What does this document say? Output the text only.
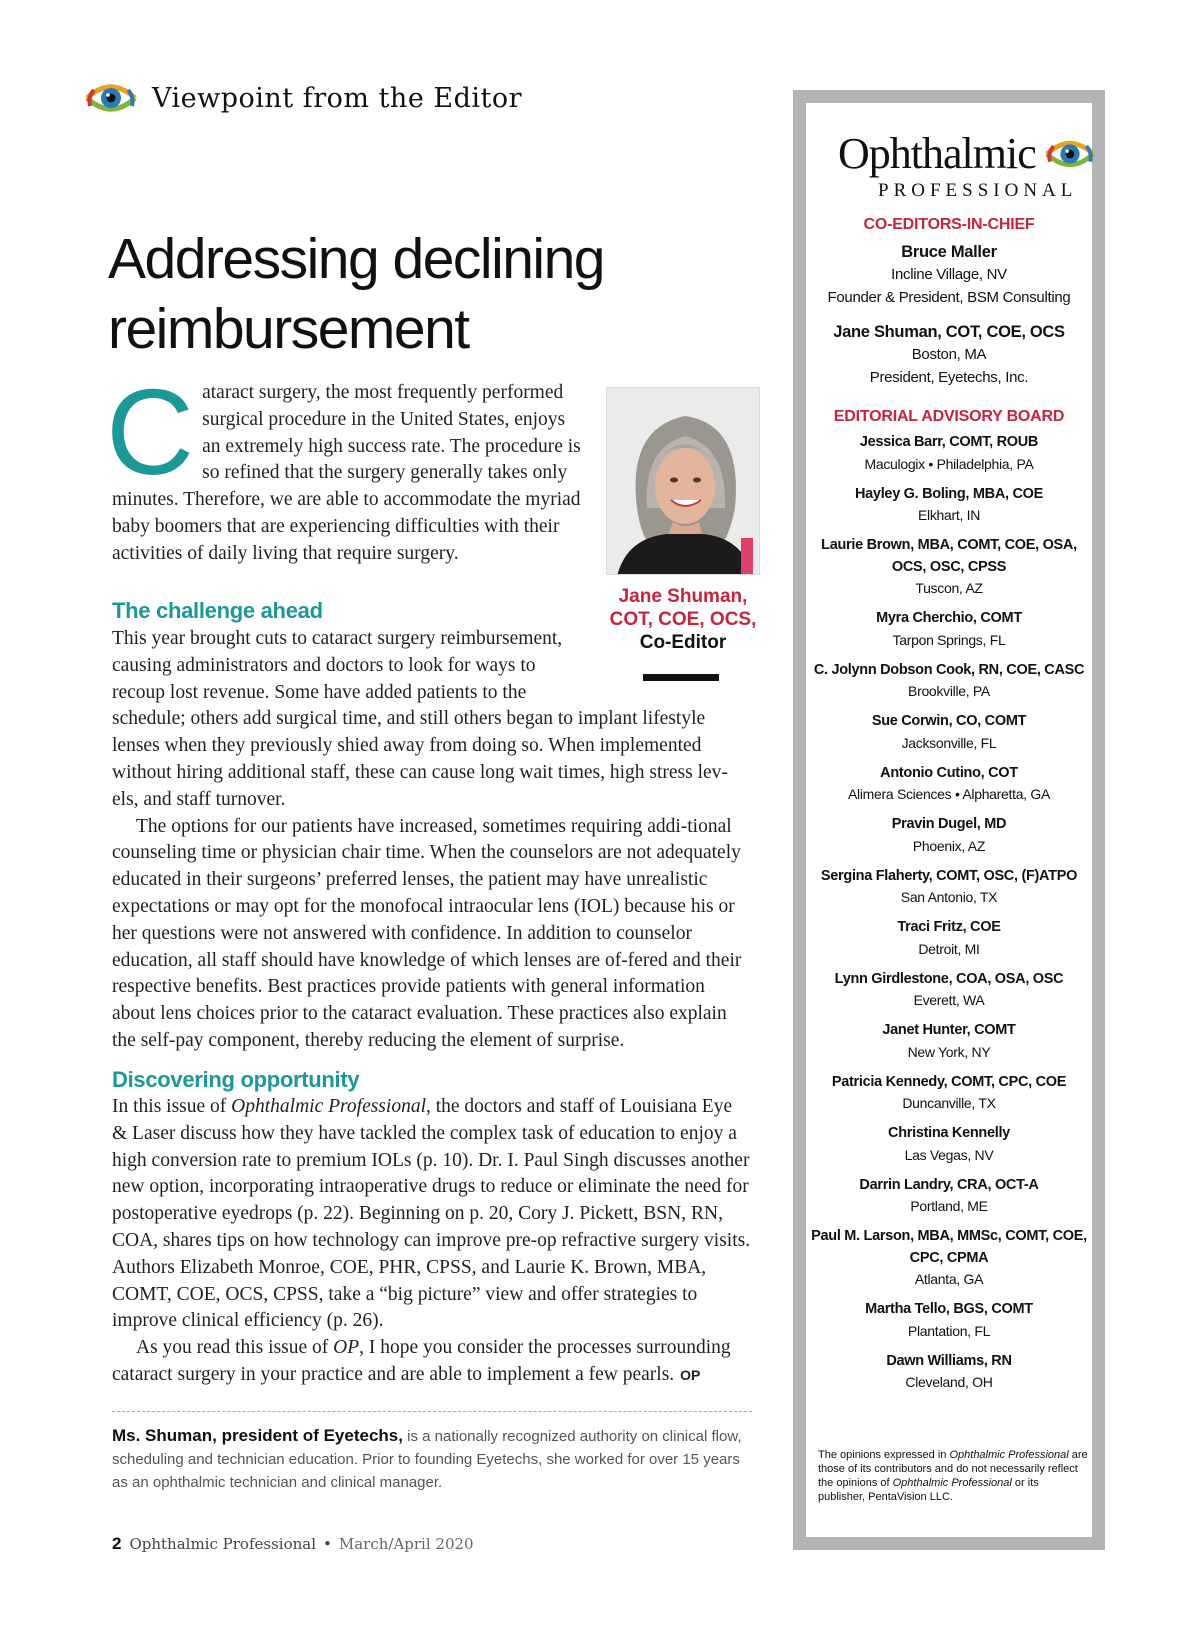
Viewpoint from the Editor
Addressing declining
reimbursement
C ataract surgery, the most frequently performed surgical procedure in the United States, enjoys an extremely high success rate. The procedure is so refined that the surgery generally takes only minutes. Therefore, we are able to accommodate the myriad baby boomers that are experiencing difficulties with their activities of daily living that require surgery.
Jane Shuman,
COT, COE, OCS,
Co-Editor
The challenge ahead

This year brought cuts to cataract surgery reimbursement, causing administrators and doctors to look for ways to recoup lost revenue. Some have added patients to the schedule; others add surgical time, and still others began to implant lifestyle lenses when they previously shied away from doing so. When implemented without hiring additional staff, these can cause long wait times, high stress lev-els, and staff turnover.

The options for our patients have increased, sometimes requiring addi-tional counseling time or physician chair time. When the counselors are not adequately educated in their surgeons’ preferred lenses, the patient may have unrealistic expectations or may opt for the monofocal intraocular lens (IOL) because his or her questions were not answered with confidence. In addition to counselor education, all staff should have knowledge of which lenses are of-fered and their respective benefits. Best practices provide patients with general information about lens choices prior to the cataract evaluation. These practices also explain the self-pay component, thereby reducing the element of surprise.

Discovering opportunity

In this issue of Ophthalmic Professional, the doctors and staff of Louisiana Eye & Laser discuss how they have tackled the complex task of education to enjoy a high conversion rate to premium IOLs (p. 10). Dr. I. Paul Singh discusses another new option, incorporating intraoperative drugs to reduce or eliminate the need for postoperative eyedrops (p. 22). Beginning on p. 20, Cory J. Pickett, BSN, RN, COA, shares tips on how technology can improve pre-op refractive surgery visits. Authors Elizabeth Monroe, COE, PHR, CPSS, and Laurie K. Brown, MBA, COMT, COE, OCS, CPSS, take a “big picture” view and offer strategies to improve clinical efficiency (p. 26).

As you read this issue of OP, I hope you consider the processes surrounding cataract surgery in your practice and are able to implement a few pearls. OP

Ms. Shuman, president of Eyetechs, is a nationally recognized authority on clinical flow, scheduling and technician education. Prior to founding Eyetechs, she worked for over 15 years as an ophthalmic technician and clinical manager.
2 Ophthalmic Professional • March/April 2020
Ophthalmic
PROFESSIONAL
CO-EDITORS-IN-CHIEF
Bruce Maller
Incline Village, NV
Founder & President, BSM Consulting
Jane Shuman, COT, COE, OCS
Boston, MA
President, Eyetechs, Inc.
EDITORIAL ADVISORY BOARD
Jessica Barr, COMT, ROUB
Maculogix • Philadelphia, PA
Hayley G. Boling, MBA, COE
Elkhart, IN
Laurie Brown, MBA, COMT, COE, OSA, OCS, OSC, CPSS
Tuscon, AZ
Myra Cherchio, COMT
Tarpon Springs, FL
C. Jolynn Dobson Cook, RN, COE, CASC
Brookville, PA
Sue Corwin, CO, COMT
Jacksonville, FL
Antonio Cutino, COT
Alimera Sciences • Alpharetta, GA
Pravin Dugel, MD
Phoenix, AZ
Sergina Flaherty, COMT, OSC, (F)ATPO
San Antonio, TX
Traci Fritz, COE
Detroit, MI
Lynn Girdlestone, COA, OSA, OSC
Everett, WA
Janet Hunter, COMT
New York, NY
Patricia Kennedy, COMT, CPC, COE
Duncanville, TX
Christina Kennelly
Las Vegas, NV
Darrin Landry, CRA, OCT-A
Portland, ME
Paul M. Larson, MBA, MMSc, COMT, COE, CPC, CPMA
Atlanta, GA
Martha Tello, BGS, COMT
Plantation, FL
Dawn Williams, RN
Cleveland, OH
The opinions expressed in Ophthalmic Professional are those of its contributors and do not necessarily reflect the opinions of Ophthalmic Professional or its publisher, PentaVision LLC.
